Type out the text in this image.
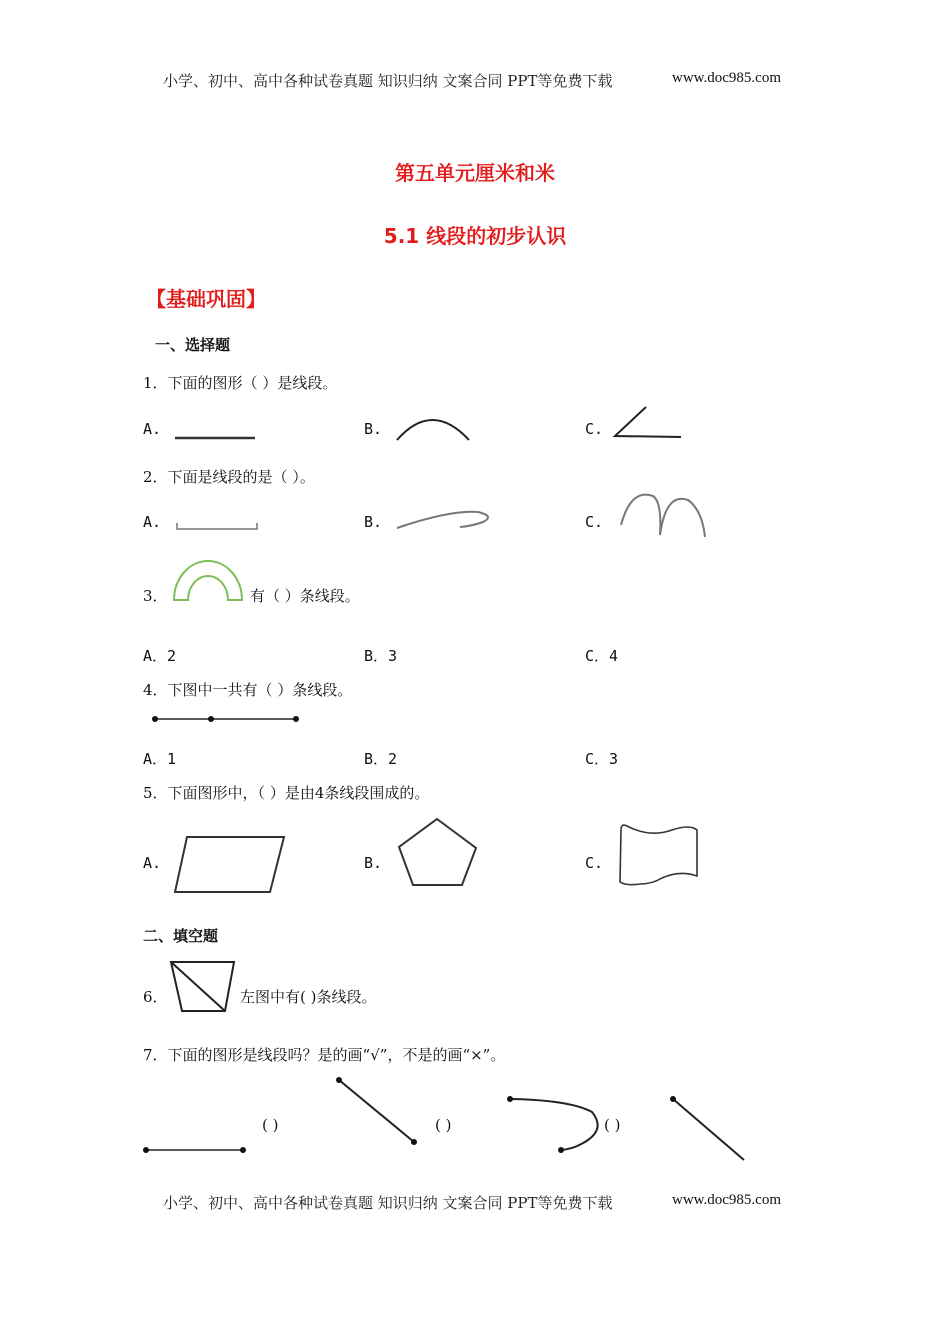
小学、初中、高中各种试卷真题 知识归纳 文案合同 PPT等免费下载	www.doc985.com
第五单元厘米和米
5.1 线段的初步认识
【基础巩固】
一、选择题
1．下面的图形（ ）是线段。
A.	B.	C.
2．下面是线段的是（ ）。
A.	B.	C.
3．	有（ ）条线段。
A．2	B．3	C．4
4．下图中一共有（ ）条线段。
A．1	B．2	C．3
5．下面图形中，（ ）是由4条线段围成的。
A.	B.	C.
二、填空题
6．	左图中有( )条线段。
7．下面的图形是线段吗？是的画“√”，不是的画“×”。
( )	( )	( )
小学、初中、高中各种试卷真题 知识归纳 文案合同 PPT等免费下载	www.doc985.com
